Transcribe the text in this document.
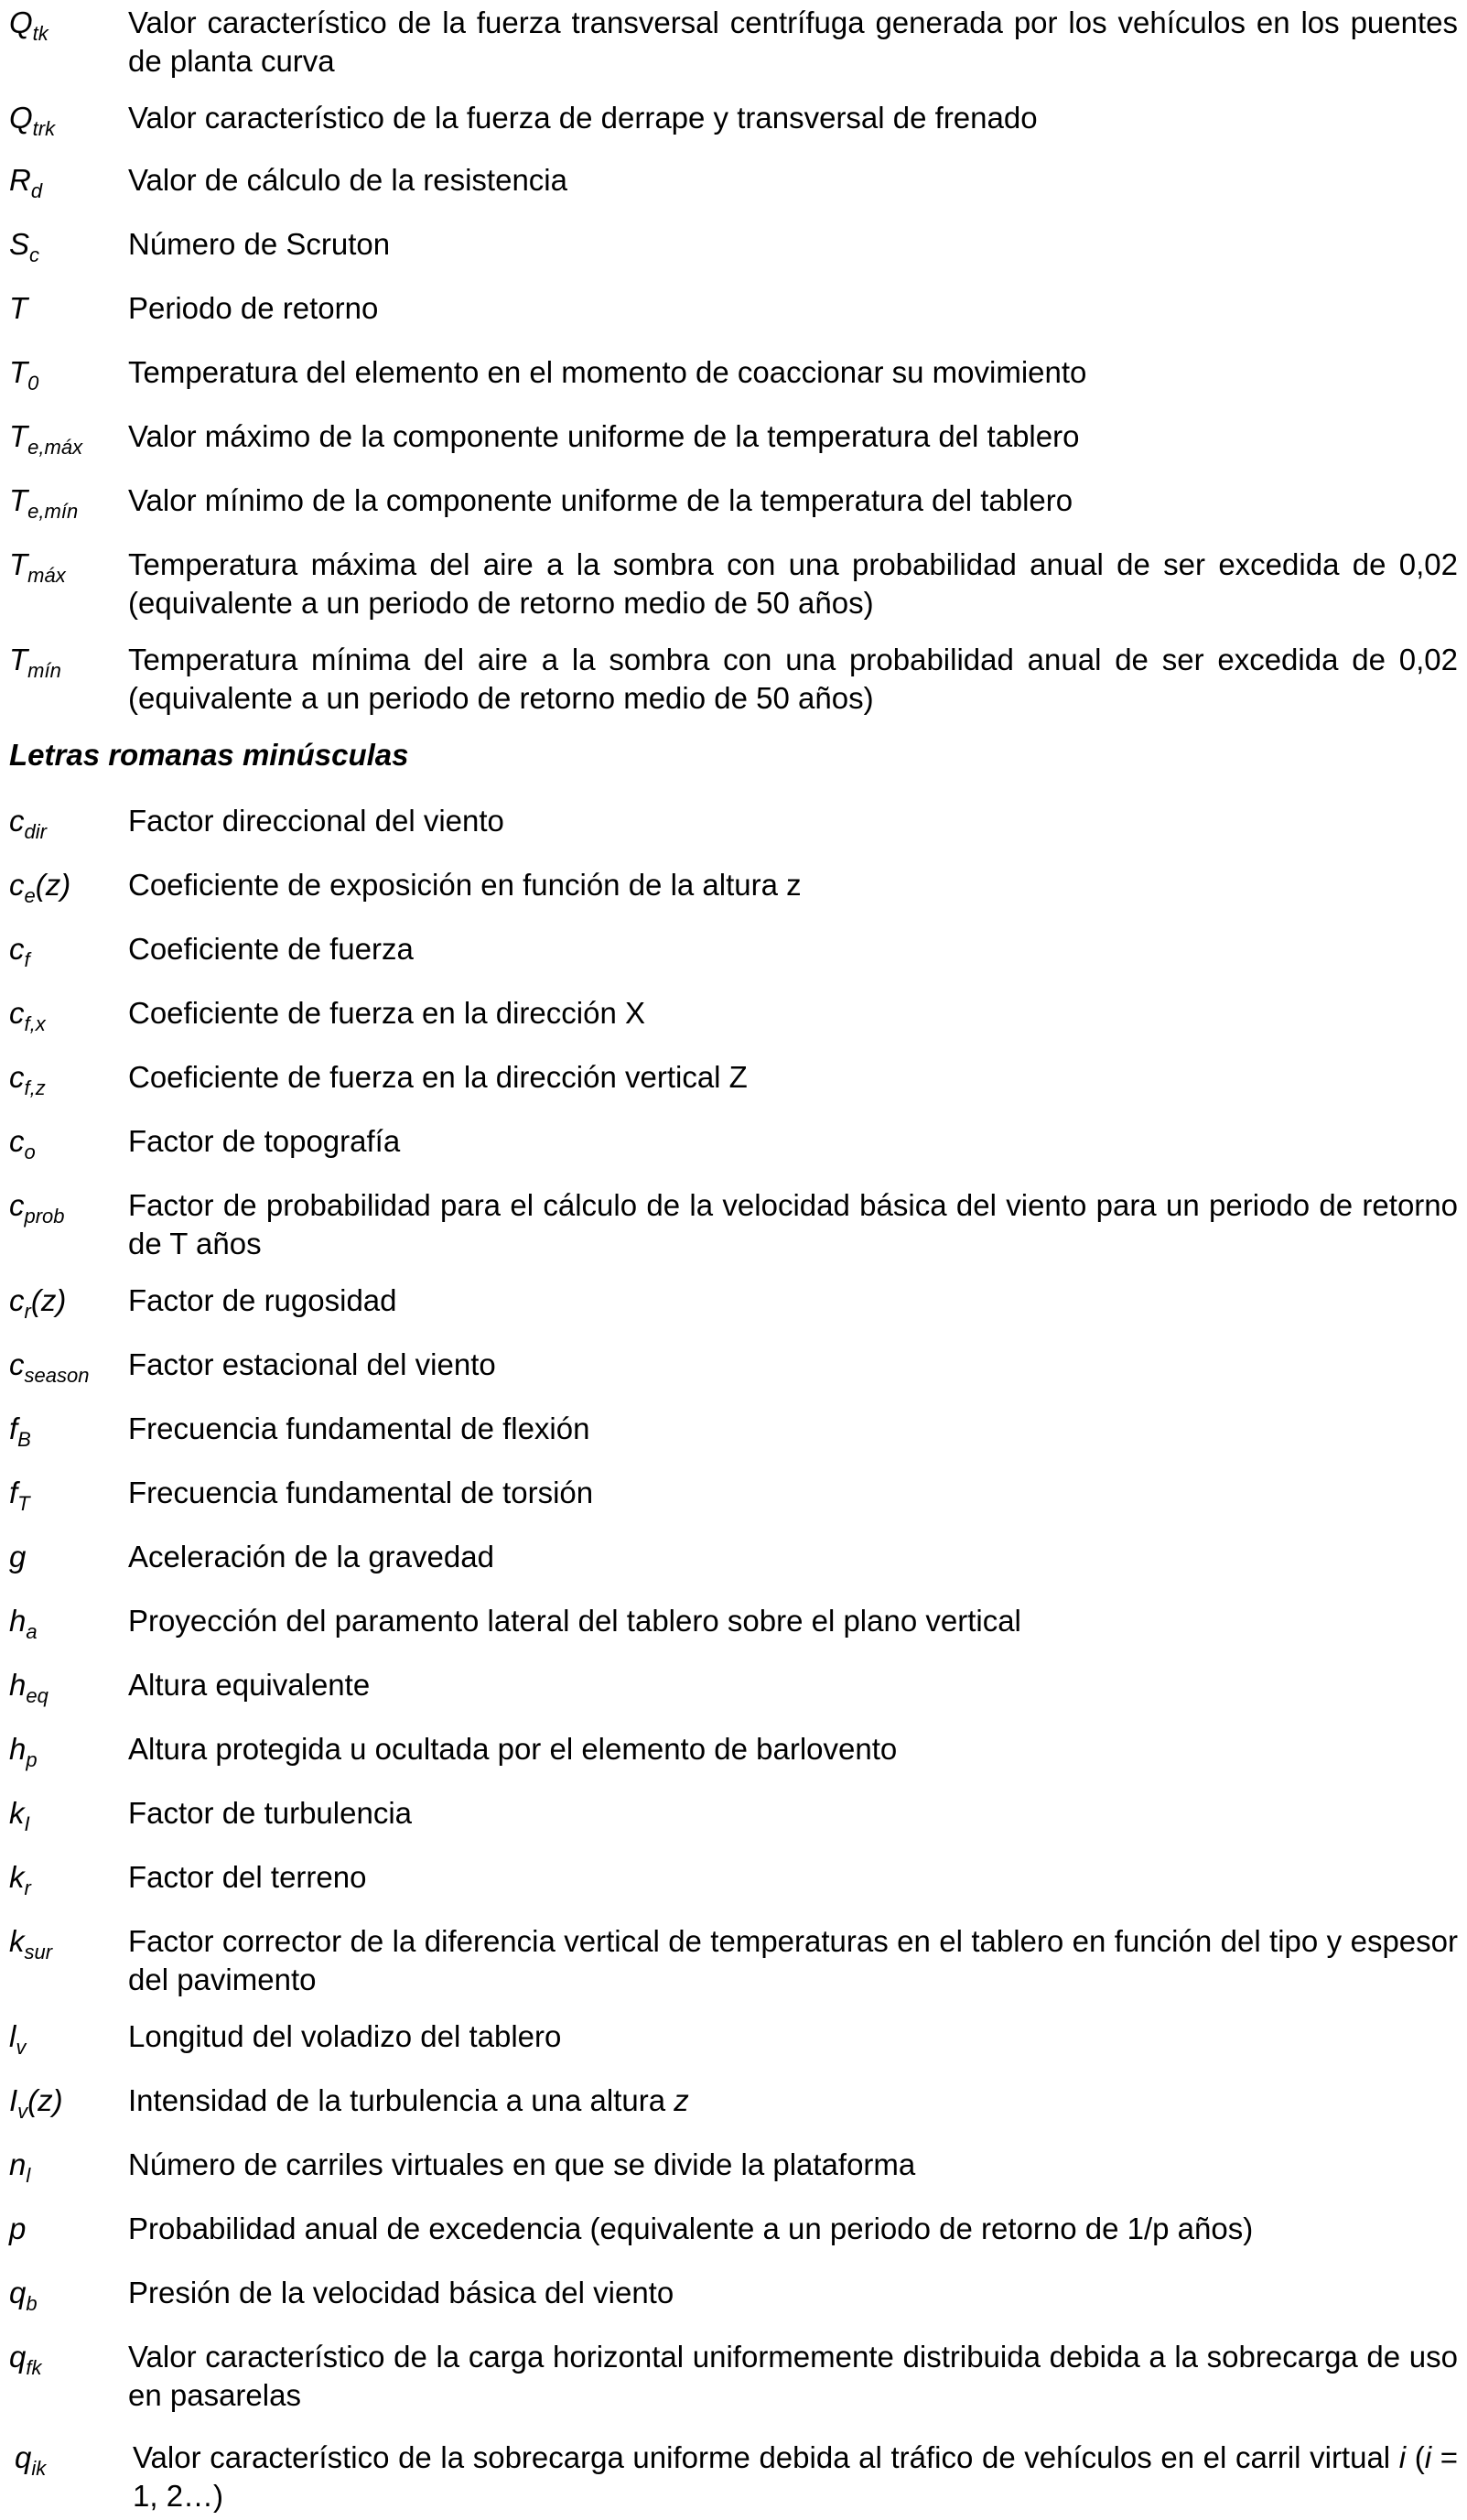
$Q_{tk}$	Valor característico de la fuerza transversal centrífuga generada por los vehículos en los puentes de planta curva
$Q_{trk}$ Valor característico de la fuerza de derrape y transversal de frenado
$R_d$	Valor de cálculo de la resistencia
$S_c$	Número de Scruton
T	Periodo de retorno
$T_0$	Temperatura del elemento en el momento de coaccionar su movimiento
$T_{e,máx}$ Valor máximo de la componente uniforme de la temperatura del tablero
$T_{e,mín}$ Valor mínimo de la componente uniforme de la temperatura del tablero
$T_{máx}$ Temperatura máxima del aire a la sombra con una probabilidad anual de ser excedida de 0,02 (equivalente a un periodo de retorno medio de 50 años)
$T_{mín}$ Temperatura mínima del aire a la sombra con una probabilidad anual de ser excedida de 0,02 (equivalente a un periodo de retorno medio de 50 años)
Letras romanas minúsculas
$c_{dir}$	Factor direccional del viento
$c_e(z)$ Coeficiente de exposición en función de la altura z
$c_f$	Coeficiente de fuerza
$c_{f,x}$	Coeficiente de fuerza en la dirección X
$c_{f,z}$	Coeficiente de fuerza en la dirección vertical Z
$c_o$	Factor de topografía
$c_{prob}$ Factor de probabilidad para el cálculo de la velocidad básica del viento para un periodo de retorno de T años
$c_r(z)$ Factor de rugosidad
$c_{season}$ Factor estacional del viento
$f_B$	Frecuencia fundamental de flexión
$f_T$	Frecuencia fundamental de torsión
g	Aceleración de la gravedad
$h_a$	Proyección del paramento lateral del tablero sobre el plano vertical
$h_{eq}$	Altura equivalente
$h_p$	Altura protegida u ocultada por el elemento de barlovento
$k_I$	Factor de turbulencia
$k_r$	Factor del terreno
$k_{sur}$	Factor corrector de la diferencia vertical de temperaturas en el tablero en función del tipo y espesor del pavimento
$l_v$	Longitud del voladizo del tablero
$I_v(z)$ Intensidad de la turbulencia a una altura z
$n_l$	Número de carriles virtuales en que se divide la plataforma
p	Probabilidad anual de excedencia (equivalente a un periodo de retorno de 1/p años)
$q_b$	Presión de la velocidad básica del viento
$q_{fk}$	Valor característico de la carga horizontal uniformemente distribuida debida a la sobrecarga de uso en pasarelas
$q_{ik}$	Valor característico de la sobrecarga uniforme debida al tráfico de vehículos en el carril virtual i (i = 1, 2…)
